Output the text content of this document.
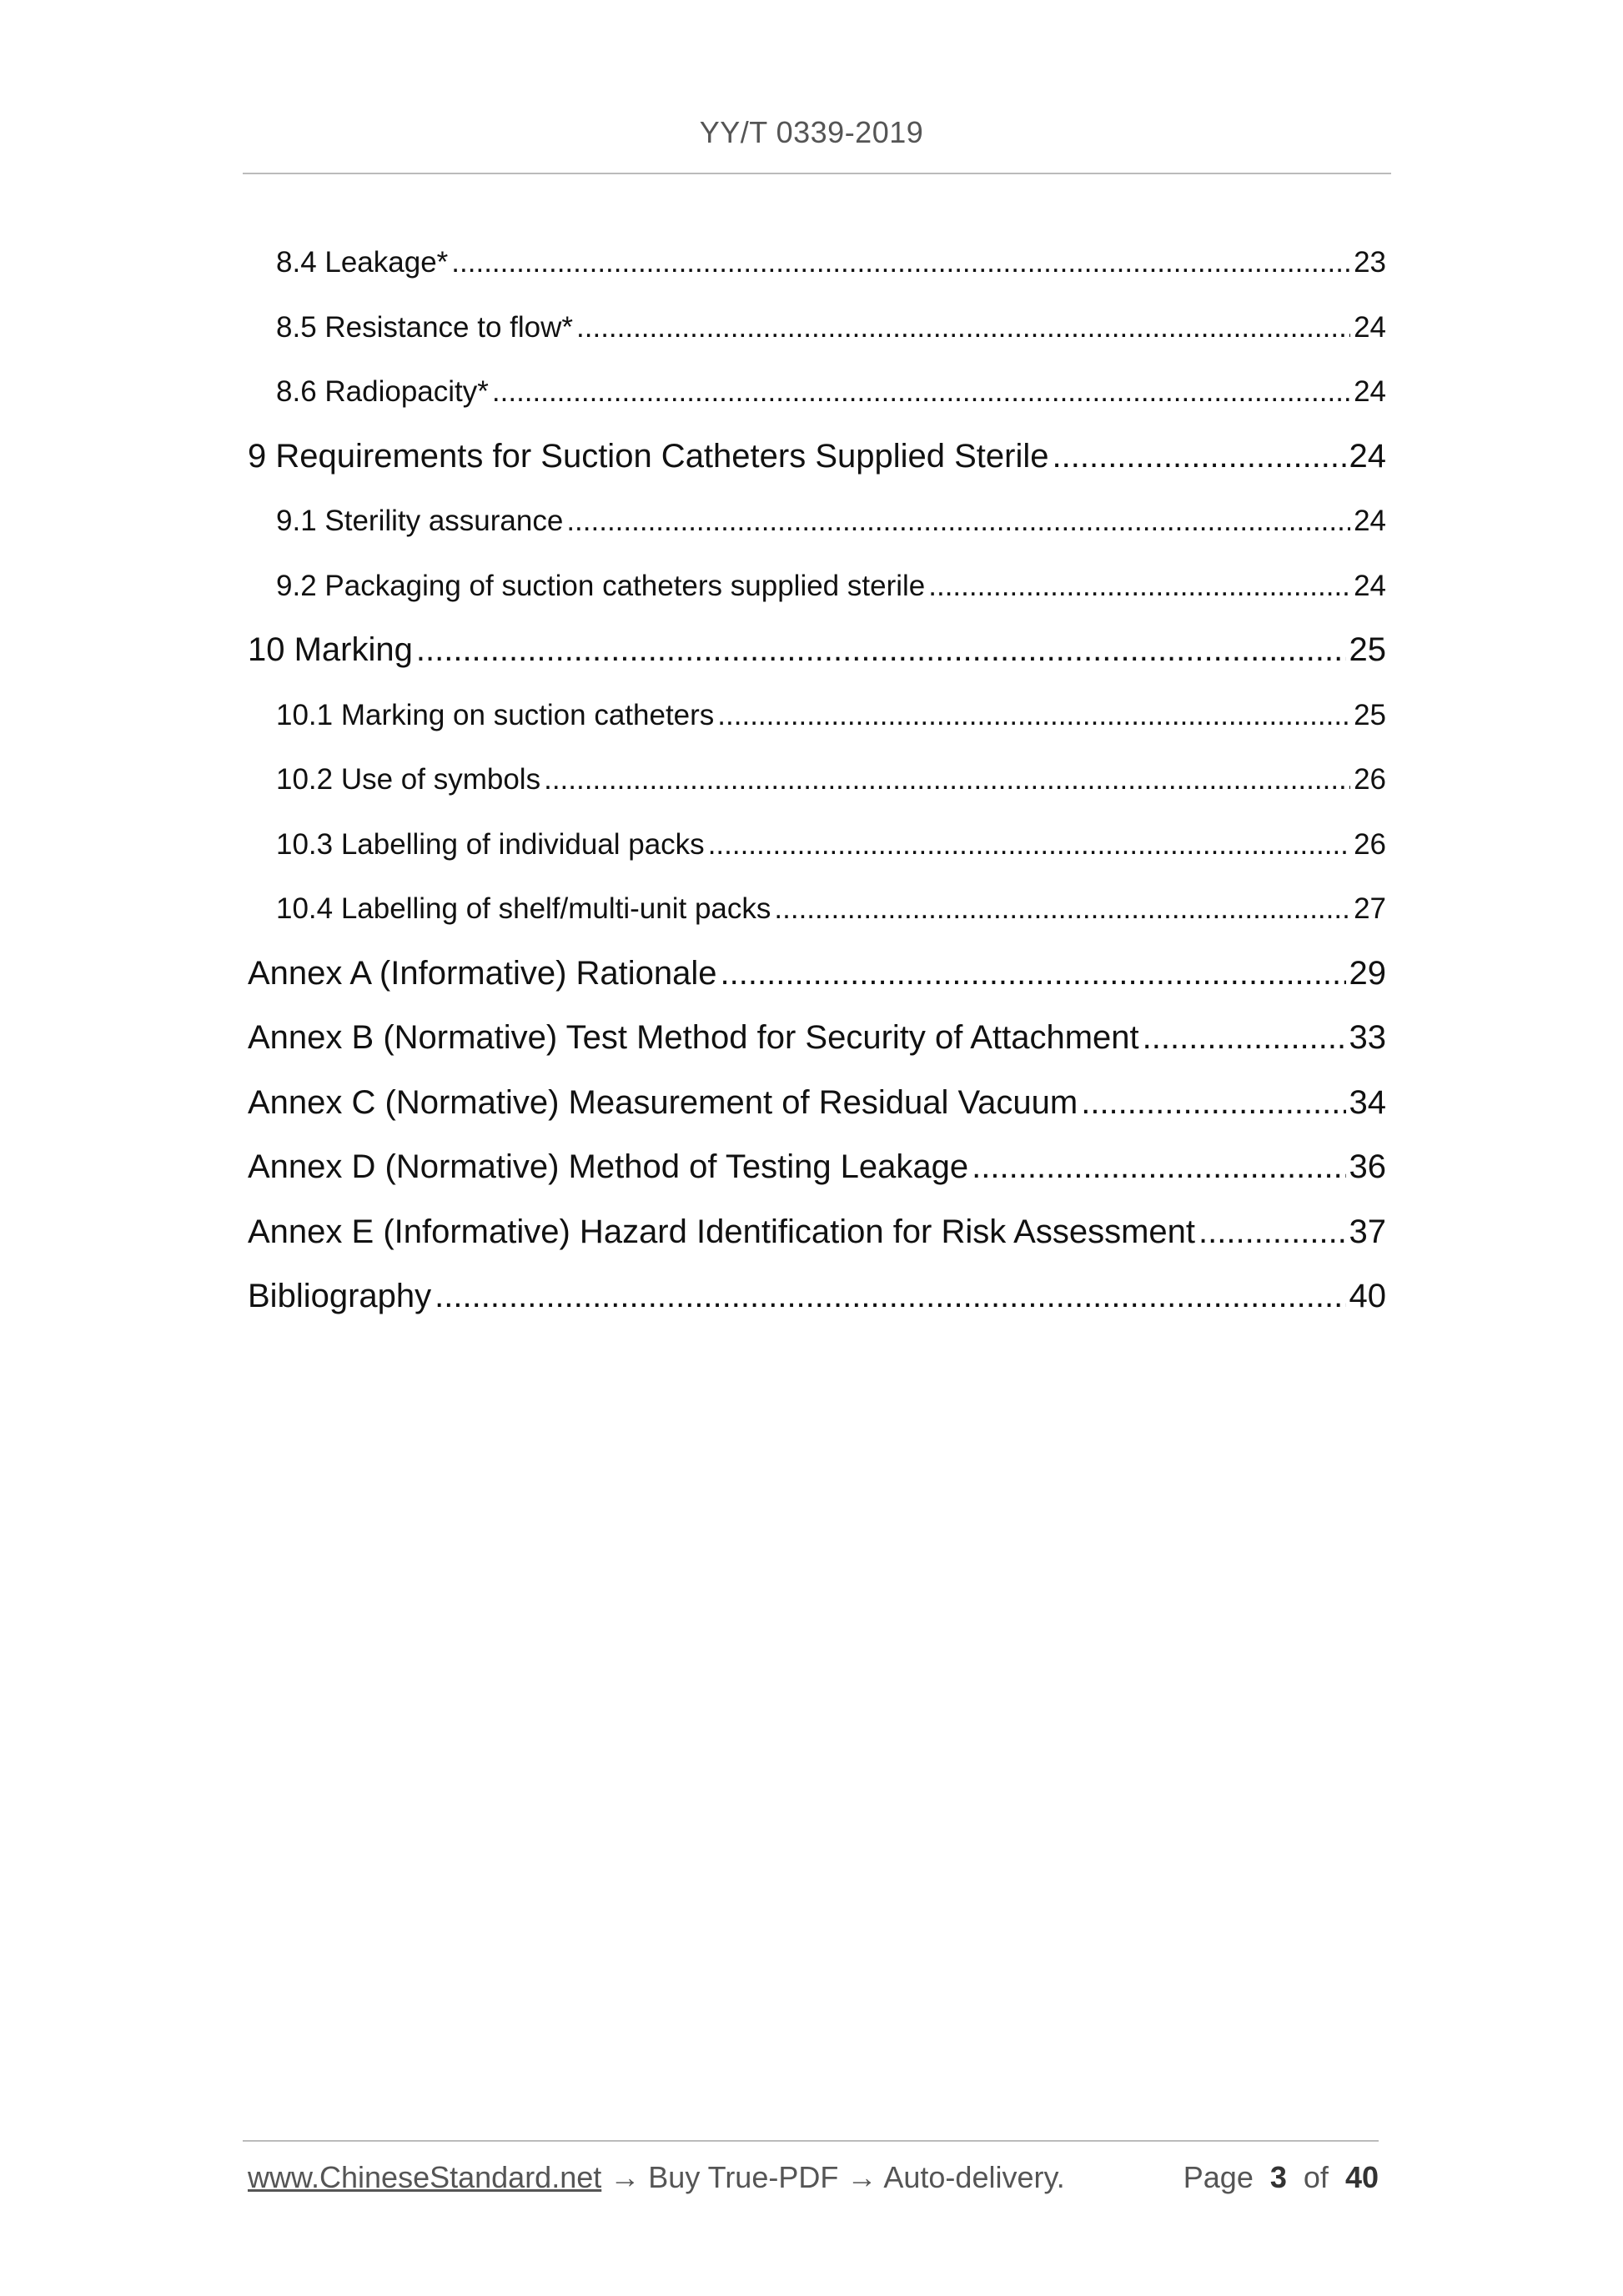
YY/T 0339-2019
8.4 Leakage* .....	23
8.5 Resistance to flow* .....	24
8.6 Radiopacity* .....	24
9 Requirements for Suction Catheters Supplied Sterile .....	24
9.1 Sterility assurance .....	24
9.2 Packaging of suction catheters supplied sterile .....	24
10 Marking .....	25
10.1 Marking on suction catheters .....	25
10.2 Use of symbols .....	26
10.3 Labelling of individual packs .....	26
10.4 Labelling of shelf/multi-unit packs .....	27
Annex A (Informative) Rationale .....	29
Annex B (Normative) Test Method for Security of Attachment .....	33
Annex C (Normative) Measurement of Residual Vacuum .....	34
Annex D (Normative) Method of Testing Leakage .....	36
Annex E (Informative) Hazard Identification for Risk Assessment .....	37
Bibliography .....	40
www.ChineseStandard.net → Buy True-PDF → Auto-delivery.	Page 3 of 40
